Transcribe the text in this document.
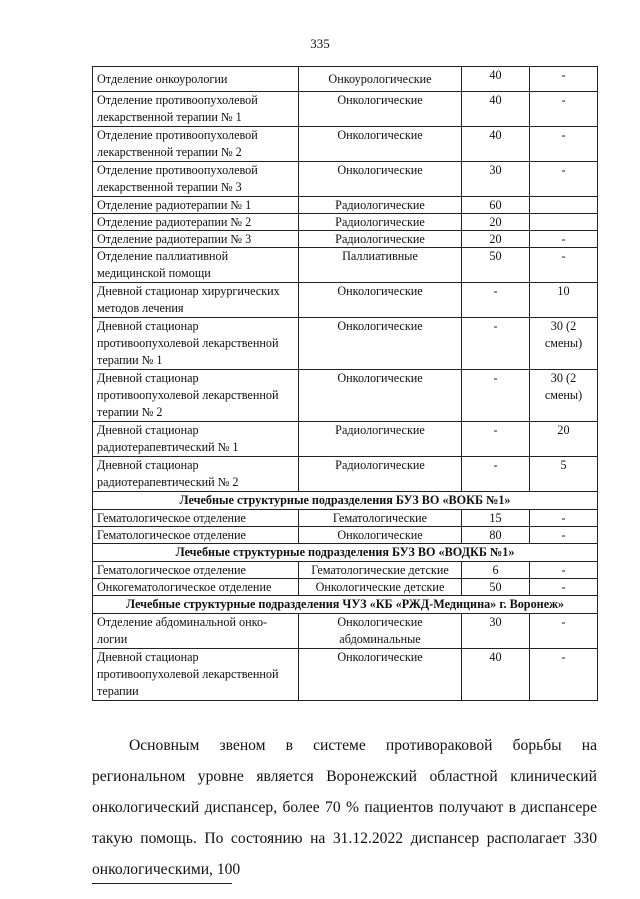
335
Отделение онкоурологии	Онкоурологические	40	-
Отделение противоопухолевой лекарственной терапии № 1	Онкологические	40	-
Отделение противоопухолевой лекарственной терапии № 2	Онкологические	40	-
Отделение противоопухолевой лекарственной терапии № 3	Онкологические	30	-
Отделение радиотерапии № 1	Радиологические	60	
Отделение радиотерапии № 2	Радиологические	20	
Отделение радиотерапии № 3	Радиологические	20	-
Отделение паллиативной медицинской помощи	Паллиативные	50	-
Дневной стационар хирургических методов лечения	Онкологические	-	10
Дневной стационар противоопухолевой лекарственной терапии № 1	Онкологические	-	30 (2 смены)
Дневной стационар противоопухолевой лекарственной терапии № 2	Онкологические	-	30 (2 смены)
Дневной стационар радиотерапевтический № 1	Радиологические	-	20
Дневной стационар радиотерапевтический № 2	Радиологические	-	5
Лечебные структурные подразделения БУЗ ВО «ВОКБ №1»			
Гематологическое отделение	Гематологические	15	-
Гематологическое отделение	Онкологические	80	-
Лечебные структурные подразделения БУЗ ВО «ВОДКБ №1»			
Гематологическое отделение	Гематологические детские	6	-
Онкогематологическое отделение	Онкологические детские	50	-
Лечебные структурные подразделения ЧУЗ «КБ «РЖД-Медицина» г. Воронеж»			
Отделение абдоминальной онко-логии	Онкологические абдоминальные	30	-
Дневной стационар противоопухолевой лекарственной терапии	Онкологические	40	-

Основным звеном в системе противораковой борьбы на региональном уровне является Воронежский областной клинический онкологический диспансер, более 70 % пациентов получают в диспансере такую помощь. По состоянию на 31.12.2022 диспансер располагает 330 онкологическими, 100
